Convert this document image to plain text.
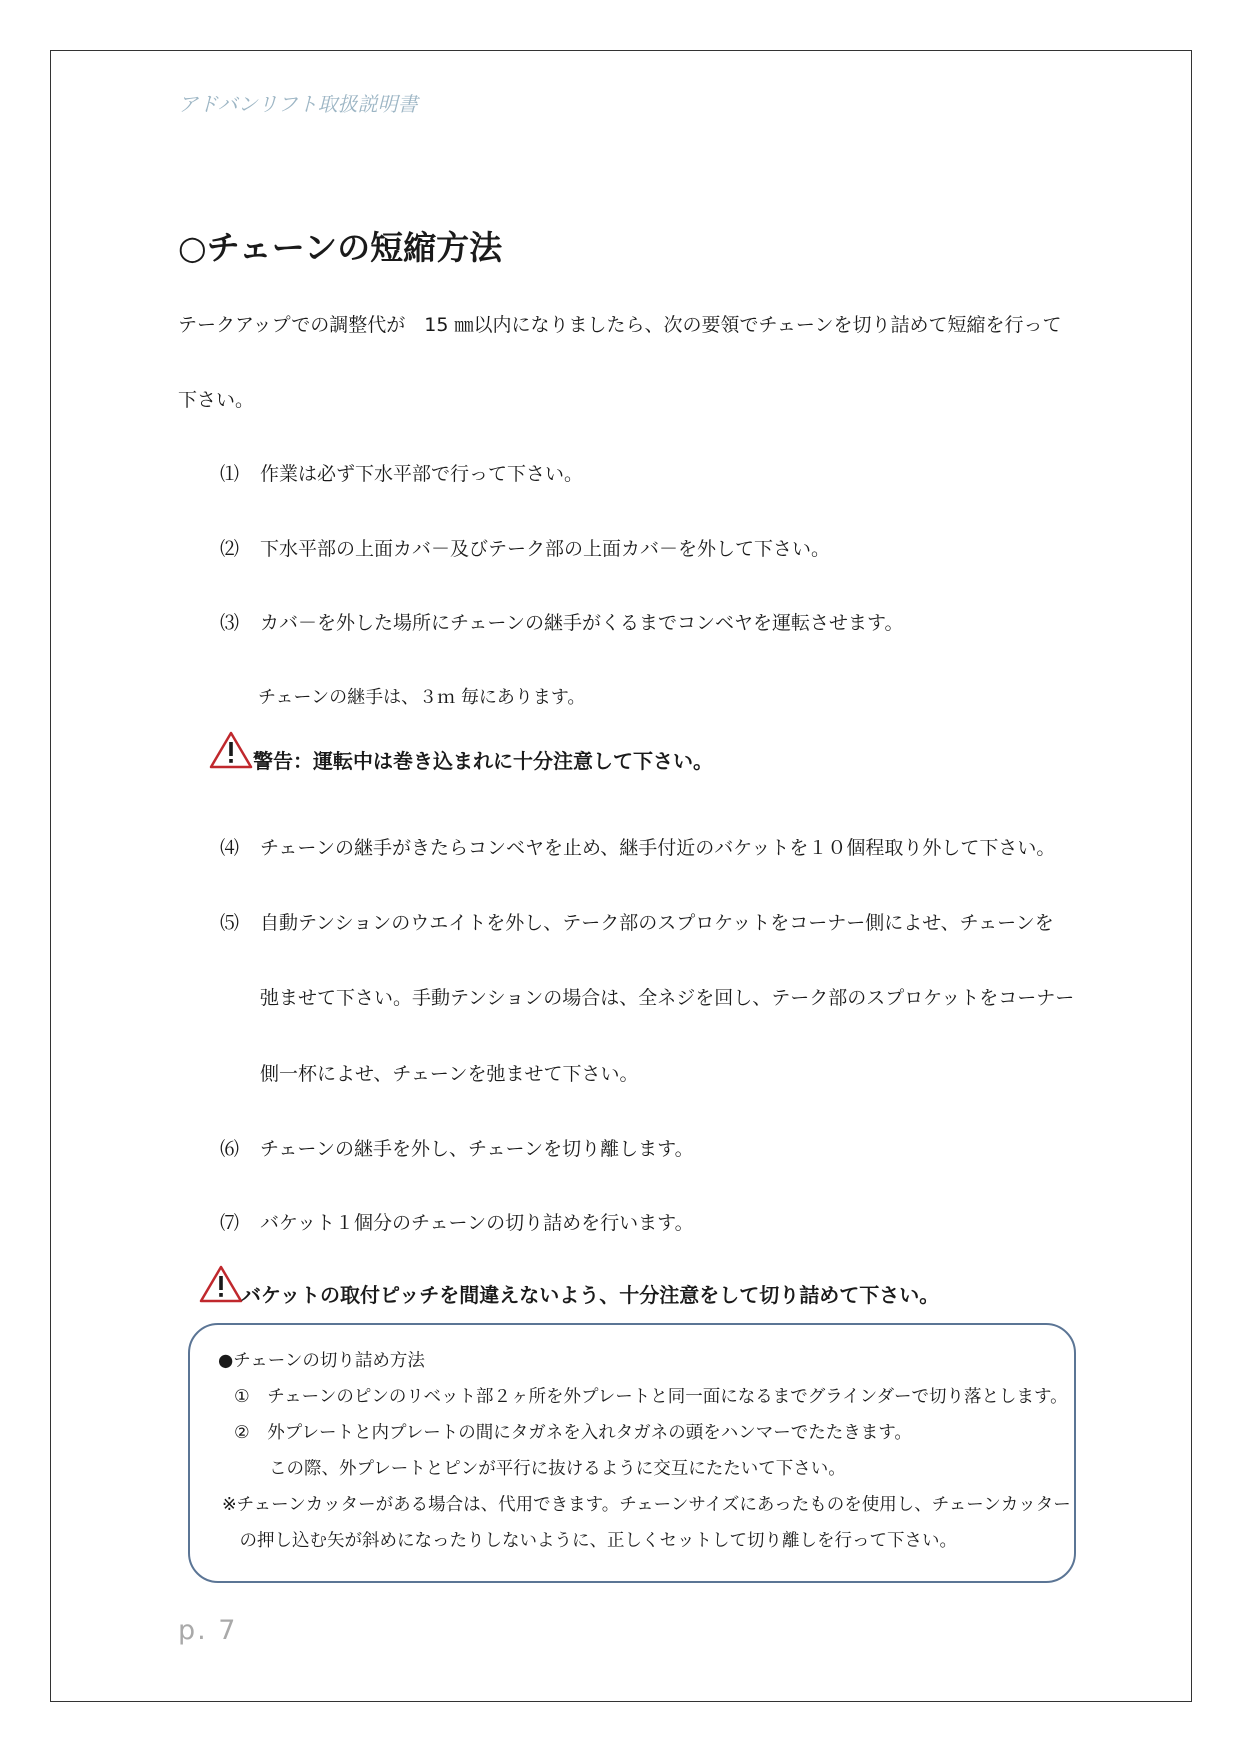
アドバンリフト取扱説明書
○チェーンの短縮方法
テークアップでの調整代が　15 ㎜以内になりましたら、次の要領でチェーンを切り詰めて短縮を行って
下さい。
⑴ 作業は必ず下水平部で行って下さい。
⑵ 下水平部の上面カバ－及びテーク部の上面カバ－を外して下さい。
⑶ カバ－を外した場所にチェーンの継手がくるまでコンベヤを運転させます。
チェーンの継手は、３ｍ 毎にあります。
警告：運転中は巻き込まれに十分注意して下さい。
⑷ チェーンの継手がきたらコンベヤを止め、継手付近のバケットを１０個程取り外して下さい。
⑸ 自動テンションのウエイトを外し、テーク部のスプロケットをコーナー側によせ、チェーンを
弛ませて下さい。手動テンションの場合は、全ネジを回し、テーク部のスプロケットをコーナー
側一杯によせ、チェーンを弛ませて下さい。
⑹ チェーンの継手を外し、チェーンを切り離します。
⑺ バケット１個分のチェーンの切り詰めを行います。
バケットの取付ピッチを間違えないよう、十分注意をして切り詰めて下さい。
●チェーンの切り詰め方法
①　チェーンのピンのリベット部２ヶ所を外プレートと同一面になるまでグラインダーで切り落とします。
②　外プレートと内プレートの間にタガネを入れタガネの頭をハンマーでたたきます。
　　この際、外プレートとピンが平行に抜けるように交互にたたいて下さい。
※チェーンカッターがある場合は、代用できます。チェーンサイズにあったものを使用し、チェーンカッター
　の押し込む矢が斜めになったりしないように、正しくセットして切り離しを行って下さい。
p. 7
